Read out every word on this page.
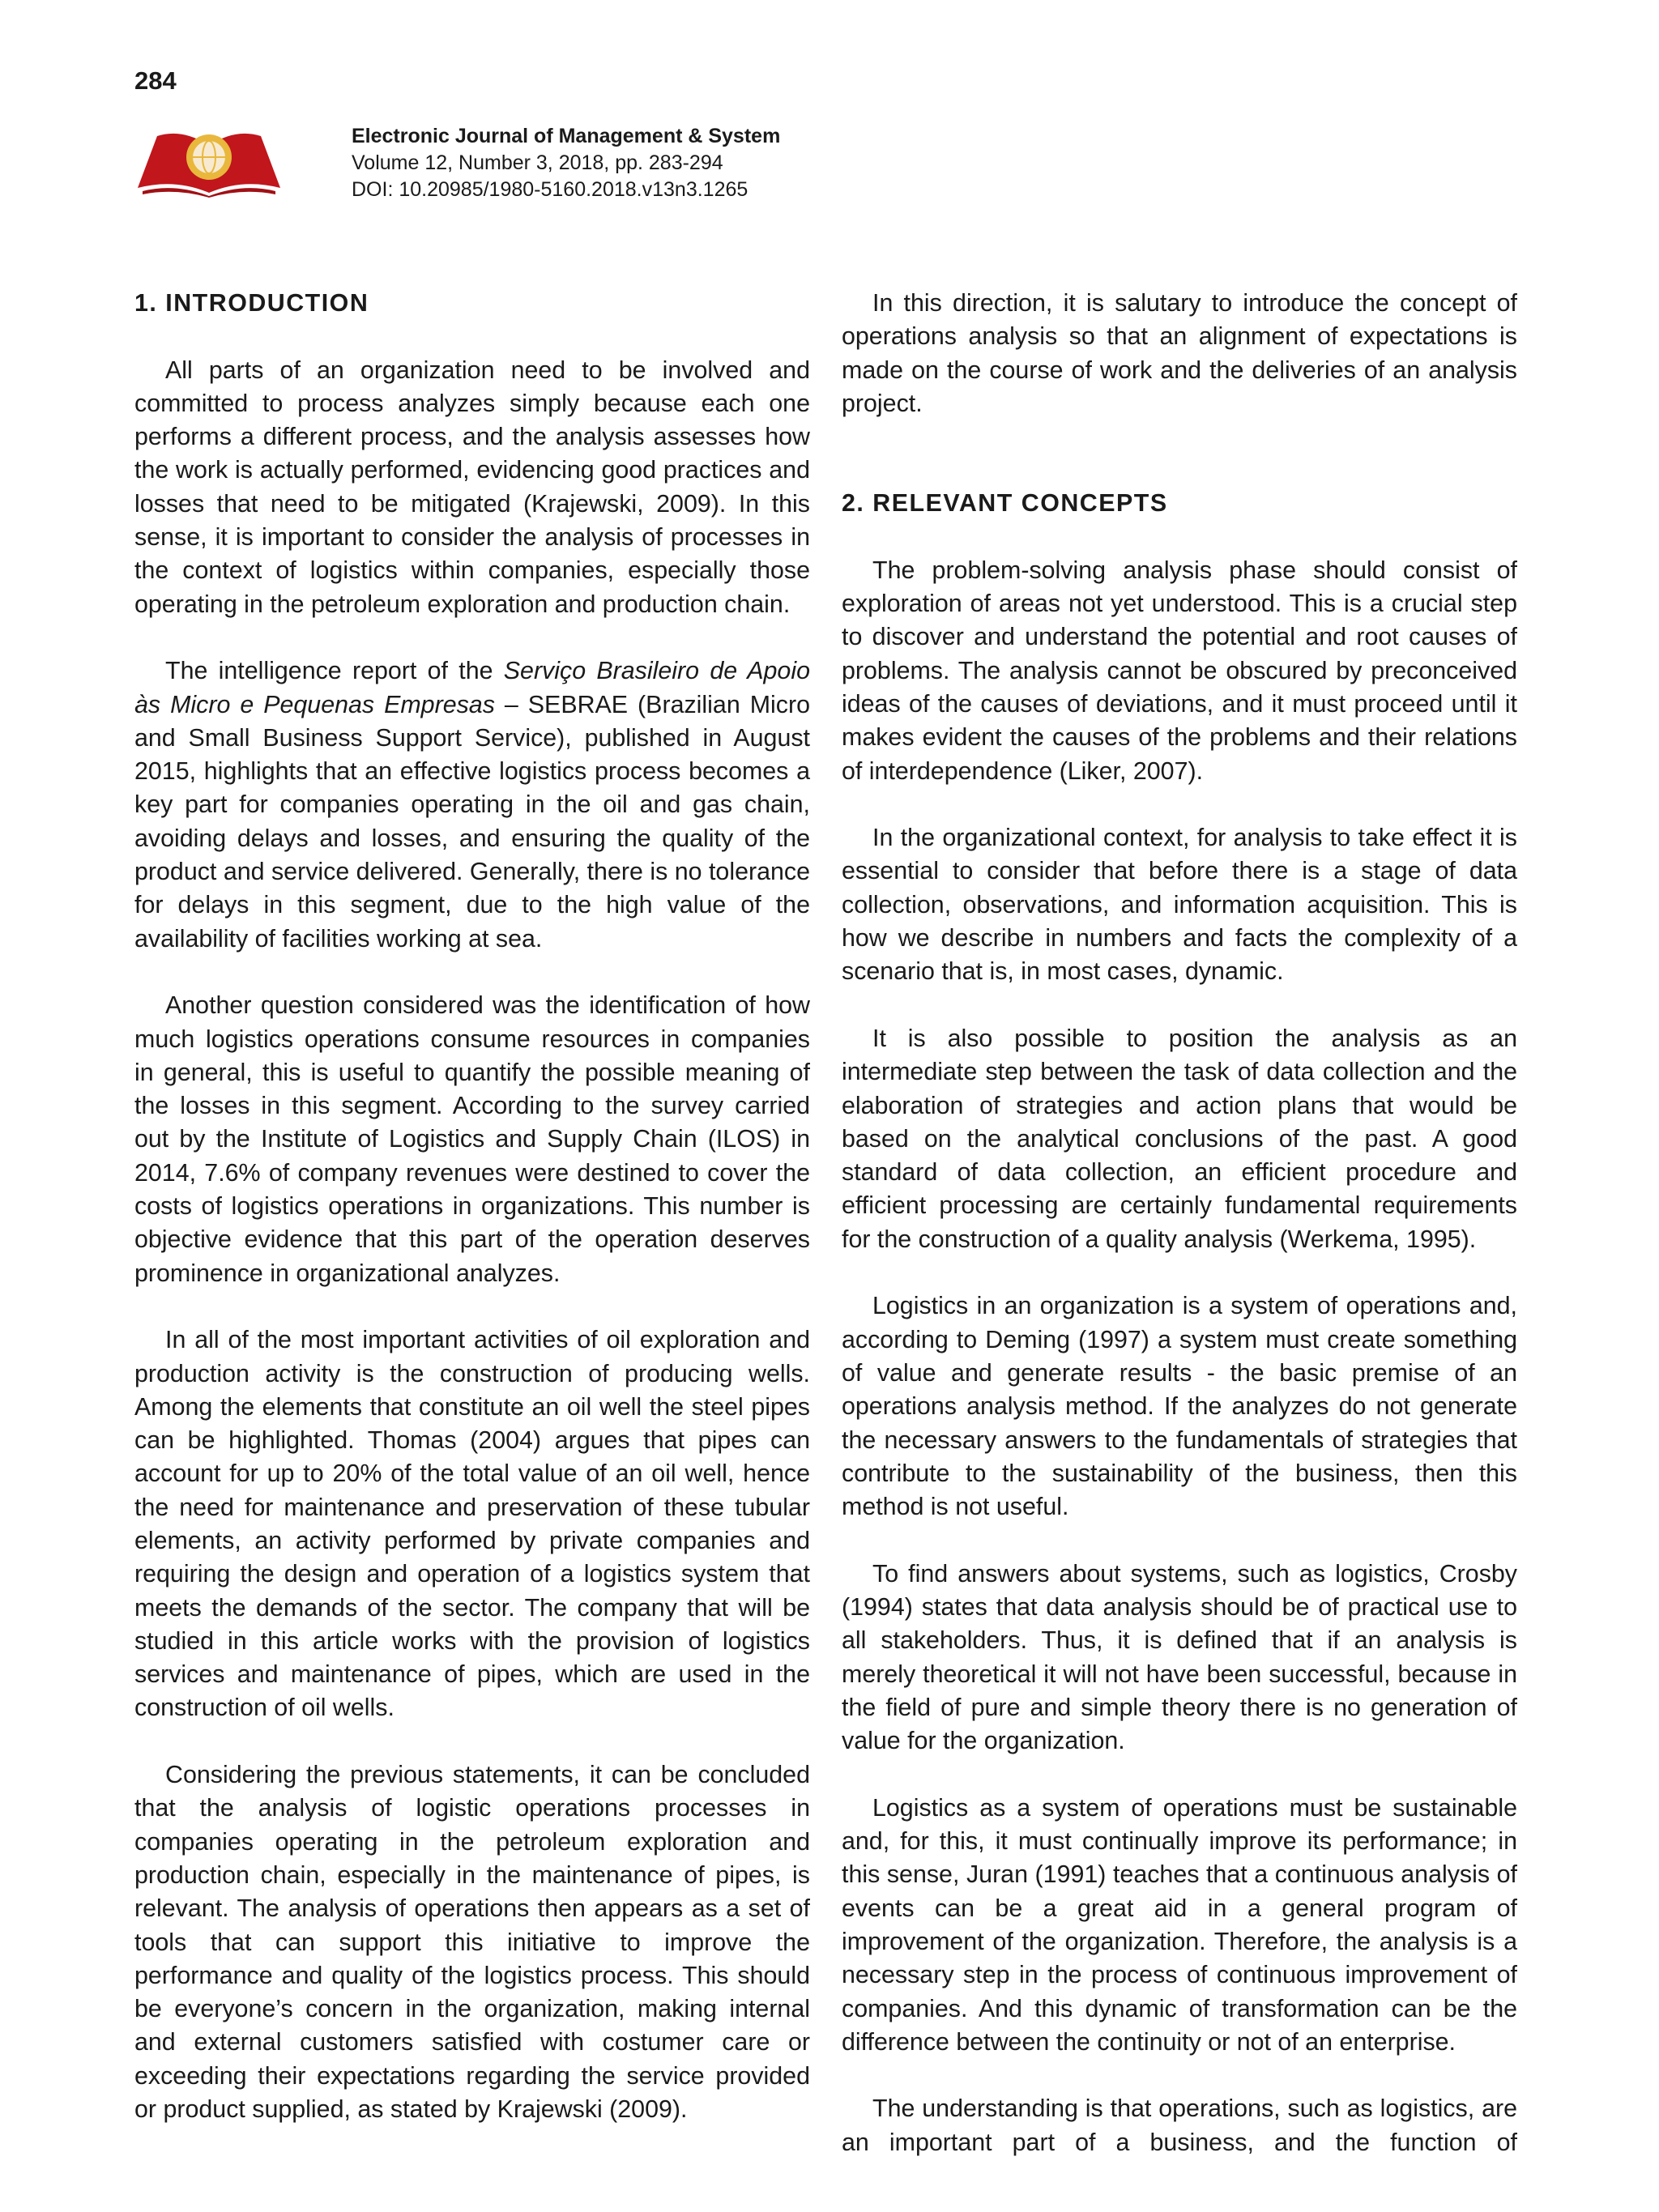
284
Electronic Journal of Management & System
Volume 12, Number 3, 2018, pp. 283-294
DOI: 10.20985/1980-5160.2018.v13n3.1265
1. INTRODUCTION

All parts of an organization need to be involved and committed to process analyzes simply because each one performs a different process, and the analysis assesses how the work is actually performed, evidencing good practices and losses that need to be mitigated (Krajewski, 2009). In this sense, it is important to consider the analysis of processes in the context of logistics within companies, especially those operating in the petroleum exploration and production chain.

The intelligence report of the Serviço Brasileiro de Apoio às Micro e Pequenas Empresas – SEBRAE (Brazilian Micro and Small Business Support Service), published in August 2015, highlights that an effective logistics process becomes a key part for companies operating in the oil and gas chain, avoiding delays and losses, and ensuring the quality of the product and service delivered. Generally, there is no tolerance for delays in this segment, due to the high value of the availability of facilities working at sea.

Another question considered was the identification of how much logistics operations consume resources in companies in general, this is useful to quantify the possible meaning of the losses in this segment. According to the survey carried out by the Institute of Logistics and Supply Chain (ILOS) in 2014, 7.6% of company revenues were destined to cover the costs of logistics operations in organizations. This number is objective evidence that this part of the operation deserves prominence in organizational analyzes.

In all of the most important activities of oil exploration and production activity is the construction of producing wells. Among the elements that constitute an oil well the steel pipes can be highlighted. Thomas (2004) argues that pipes can account for up to 20% of the total value of an oil well, hence the need for maintenance and preservation of these tubular elements, an activity performed by private companies and requiring the design and operation of a logistics system that meets the demands of the sector. The company that will be studied in this article works with the provision of logistics services and maintenance of pipes, which are used in the construction of oil wells.

Considering the previous statements, it can be concluded that the analysis of logistic operations processes in companies operating in the petroleum exploration and production chain, especially in the maintenance of pipes, is relevant. The analysis of operations then appears as a set of tools that can support this initiative to improve the performance and quality of the logistics process. This should be everyone’s concern in the organization, making internal and external customers satisfied with costumer care or exceeding their expectations regarding the service provided or product supplied, as stated by Krajewski (2009).

In this direction, it is salutary to introduce the concept of operations analysis so that an alignment of expectations is made on the course of work and the deliveries of an analysis project.

2. RELEVANT CONCEPTS

The problem-solving analysis phase should consist of exploration of areas not yet understood. This is a crucial step to discover and understand the potential and root causes of problems. The analysis cannot be obscured by preconceived ideas of the causes of deviations, and it must proceed until it makes evident the causes of the problems and their relations of interdependence (Liker, 2007).

In the organizational context, for analysis to take effect it is essential to consider that before there is a stage of data collection, observations, and information acquisition. This is how we describe in numbers and facts the complexity of a scenario that is, in most cases, dynamic.

It is also possible to position the analysis as an intermediate step between the task of data collection and the elaboration of strategies and action plans that would be based on the analytical conclusions of the past. A good standard of data collection, an efficient procedure and efficient processing are certainly fundamental requirements for the construction of a quality analysis (Werkema, 1995).

Logistics in an organization is a system of operations and, according to Deming (1997) a system must create something of value and generate results - the basic premise of an operations analysis method. If the analyzes do not generate the necessary answers to the fundamentals of strategies that contribute to the sustainability of the business, then this method is not useful.

To find answers about systems, such as logistics, Crosby (1994) states that data analysis should be of practical use to all stakeholders. Thus, it is defined that if an analysis is merely theoretical it will not have been successful, because in the field of pure and simple theory there is no generation of value for the organization.

Logistics as a system of operations must be sustainable and, for this, it must continually improve its performance; in this sense, Juran (1991) teaches that a continuous analysis of events can be a great aid in a general program of improvement of the organization. Therefore, the analysis is a necessary step in the process of continuous improvement of companies. And this dynamic of transformation can be the difference between the continuity or not of an enterprise.

The understanding is that operations, such as logistics, are an important part of a business, and the function of
